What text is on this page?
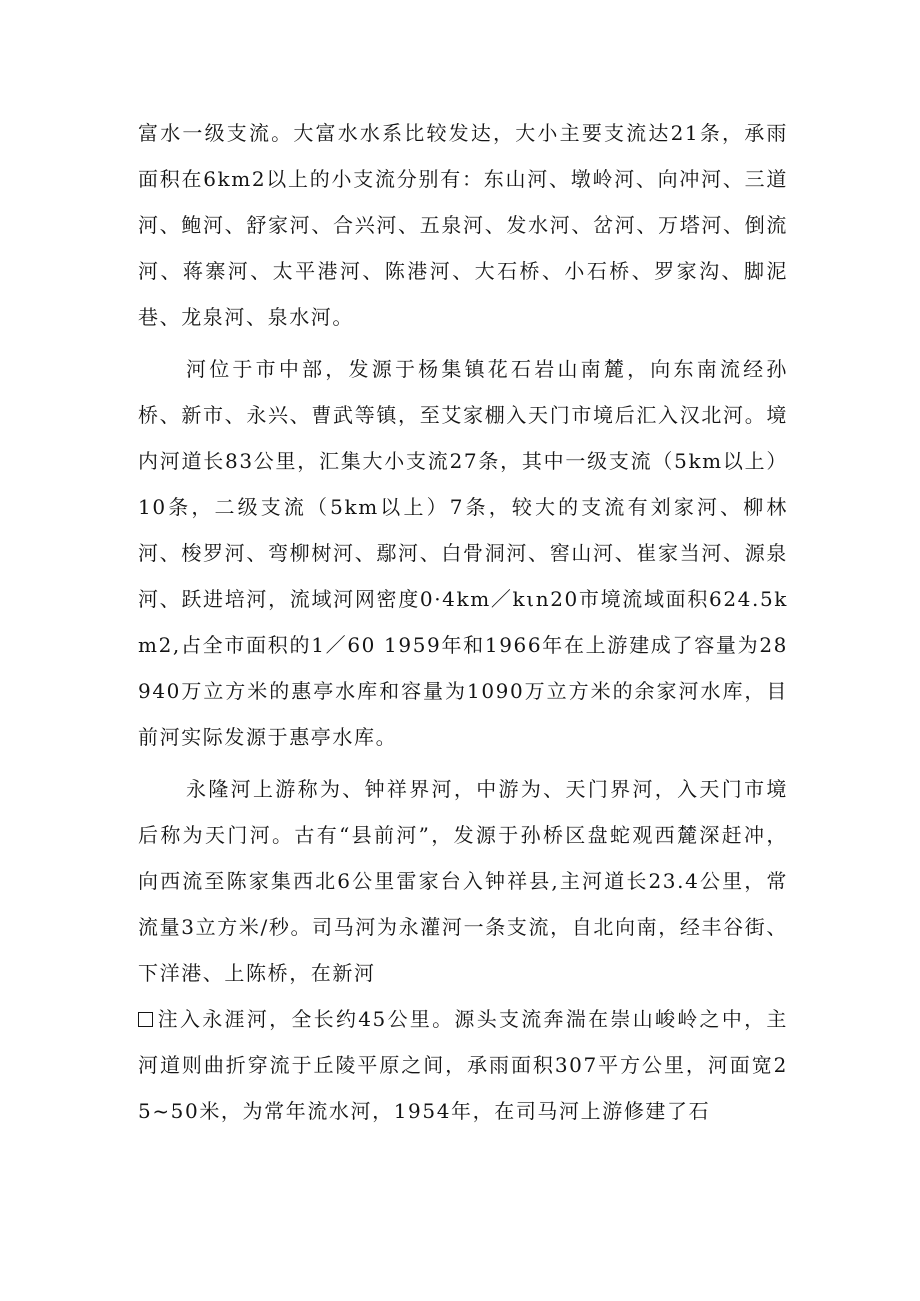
富水一级支流。大富水水系比较发达，大小主要支流达21条，承雨面积在6km2以上的小支流分别有：东山河、墩岭河、向冲河、三道河、鲍河、舒家河、合兴河、五泉河、发水河、岔河、万塔河、倒流河、蒋寨河、太平港河、陈港河、大石桥、小石桥、罗家沟、脚泥巷、龙泉河、泉水河。

河位于市中部，发源于杨集镇花石岩山南麓，向东南流经孙桥、新市、永兴、曹武等镇，至艾家棚入天门市境后汇入汉北河。境内河道长83公里，汇集大小支流27条，其中一级支流（5km以上）10条，二级支流（5km以上）7条，较大的支流有刘家河、柳林河、梭罗河、弯柳树河、鄢河、白骨洞河、窖山河、崔家当河、源泉河、跃进培河，流域河网密度0·4km／kιn20市境流域面积624.5km2,占全市面积的1／60 1959年和1966年在上游建成了容量为28940万立方米的惠亭水库和容量为1090万立方米的余家河水库，目前河实际发源于惠亭水库。

永隆河上游称为、钟祥界河，中游为、天门界河，入天门市境后称为天门河。古有“县前河”，发源于孙桥区盘蛇观西麓深赶冲，向西流至陈家集西北6公里雷家台入钟祥县,主河道长23.4公里，常流量3立方米/秒。司马河为永灌河一条支流，自北向南，经丰谷街、下洋港、上陈桥，在新河

注入永涯河，全长约45公里。源头支流奔湍在崇山峻岭之中，主河道则曲折穿流于丘陵平原之间，承雨面积307平方公里，河面宽25~50米，为常年流水河，1954年，在司马河上游修建了石
